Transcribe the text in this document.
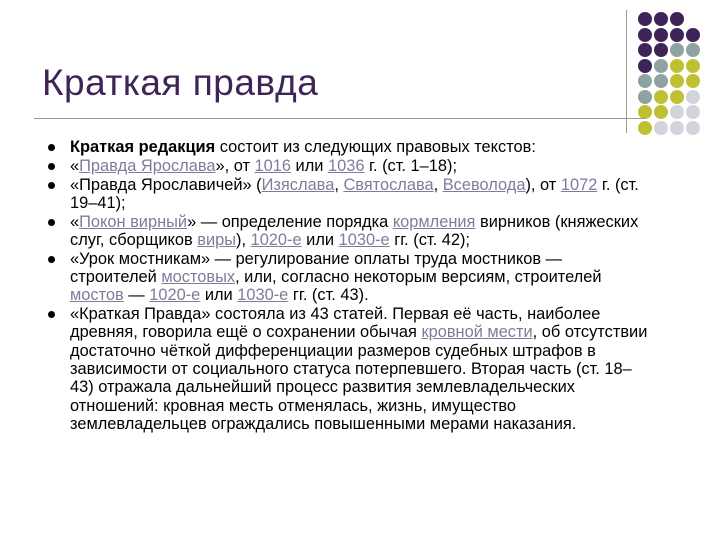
Краткая правда
Краткая редакция состоит из следующих правовых текстов:
«Правда Ярослава», от 1016 или 1036 г. (ст. 1–18);
«Правда Ярославичей» (Изяслава, Святослава, Всеволода), от 1072 г. (ст. 19–41);
«Покон вирный» — определение порядка кормления вирников (княжеских слуг, сборщиков виры), 1020-е или 1030-е гг. (ст. 42);
«Урок мостникам» — регулирование оплаты труда мостников — строителей мостовых, или, согласно некоторым версиям, строителей мостов — 1020-е или 1030-е гг. (ст. 43).
«Краткая Правда» состояла из 43 статей. Первая её часть, наиболее древняя, говорила ещё о сохранении обычая кровной мести, об отсутствии достаточно чёткой дифференциации размеров судебных штрафов в зависимости от социального статуса потерпевшего. Вторая часть (ст. 18–43) отражала дальнейший процесс развития землевладельческих отношений: кровная месть отменялась, жизнь, имущество землевладельцев ограждались повышенными мерами наказания.
